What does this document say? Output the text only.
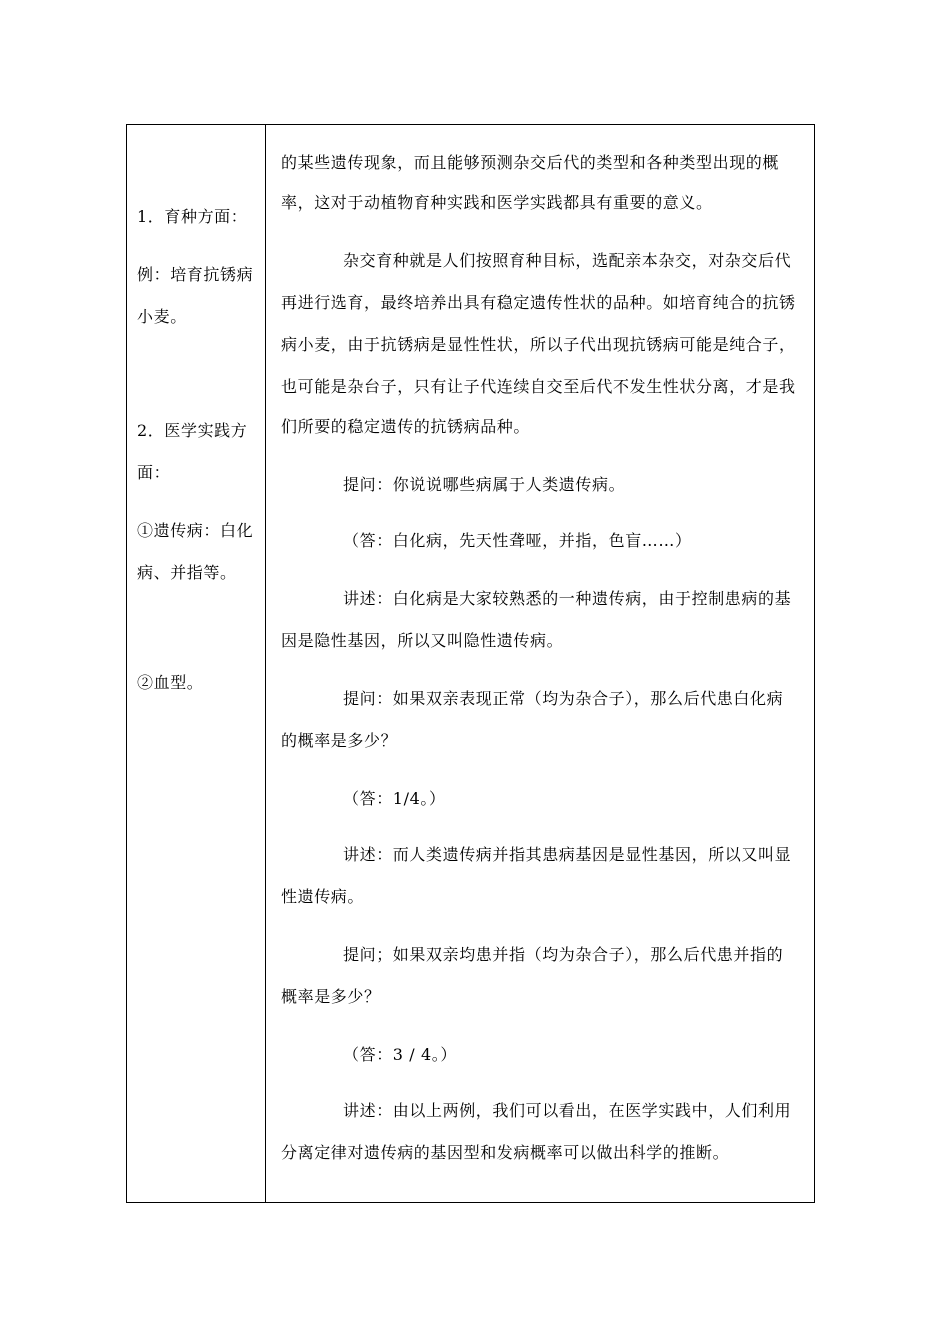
1．育种方面：
例：培育抗锈病
小麦。
2．医学实践方
面：
①遗传病：白化
病、并指等。
②血型。
的某些遗传现象，而且能够预测杂交后代的类型和各种类型出现的概
率，这对于动植物育种实践和医学实践都具有重要的意义。
杂交育种就是人们按照育种目标，选配亲本杂交，对杂交后代
再进行选育，最终培养出具有稳定遗传性状的品种。如培育纯合的抗锈
病小麦，由于抗锈病是显性性状，所以子代出现抗锈病可能是纯合子，
也可能是杂台子，只有让子代连续自交至后代不发生性状分离，才是我
们所要的稳定遗传的抗锈病品种。
提问：你说说哪些病属于人类遗传病。
（答：白化病，先天性聋哑，并指，色盲……）
讲述：白化病是大家较熟悉的一种遗传病，由于控制患病的基
因是隐性基因，所以又叫隐性遗传病。
提问：如果双亲表现正常（均为杂合子），那么后代患白化病
的概率是多少？
（答：1/4。）
讲述：而人类遗传病并指其患病基因是显性基因，所以又叫显
性遗传病。
提问；如果双亲均患并指（均为杂合子），那么后代患并指的
概率是多少？
（答：3 / 4。）
讲述：由以上两例，我们可以看出，在医学实践中，人们利用
分离定律对遗传病的基因型和发病概率可以做出科学的推断。
